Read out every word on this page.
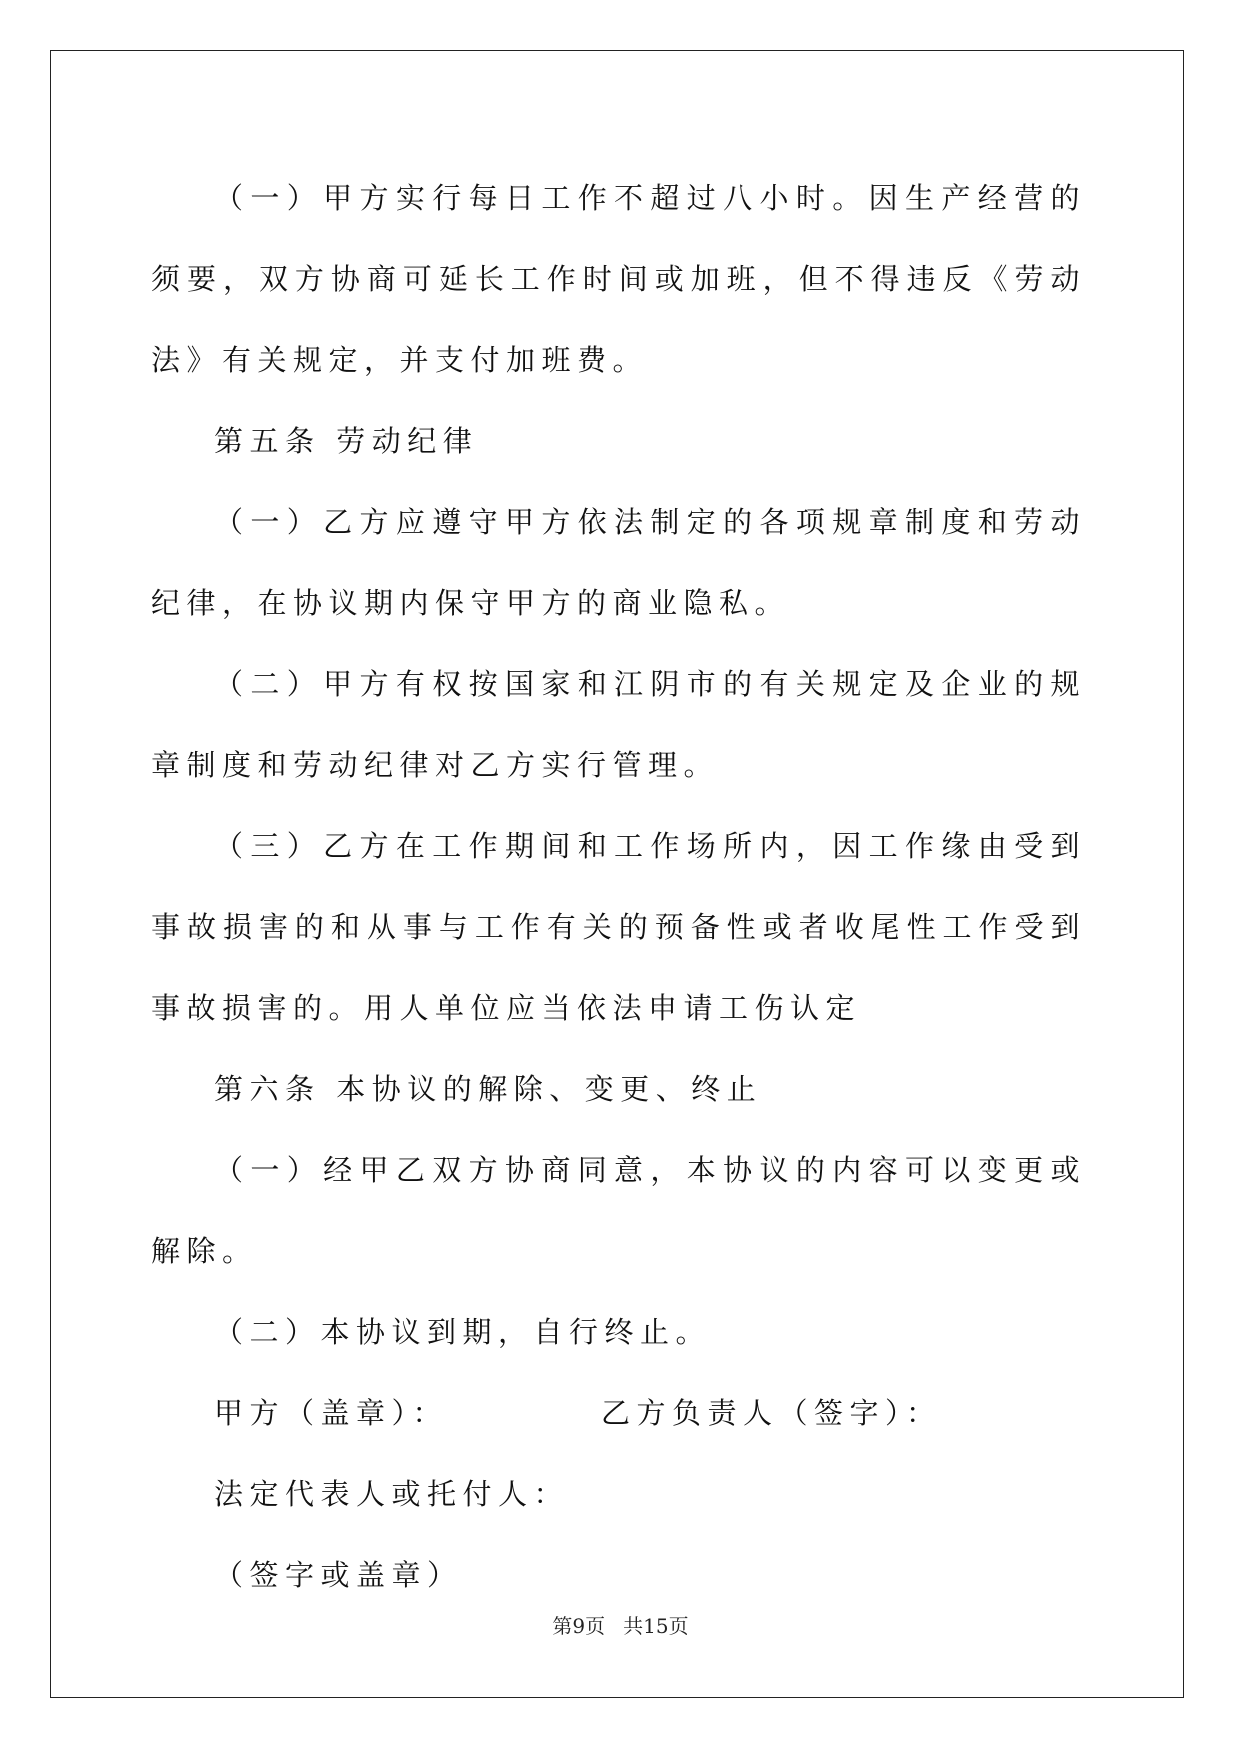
（一）甲方实行每日工作不超过八小时。因生产经营的须要，双方协商可延长工作时间或加班，但不得违反《劳动法》有关规定，并支付加班费。

第五条 劳动纪律

（一）乙方应遵守甲方依法制定的各项规章制度和劳动纪律，在协议期内保守甲方的商业隐私。

（二）甲方有权按国家和江阴市的有关规定及企业的规章制度和劳动纪律对乙方实行管理。

（三）乙方在工作期间和工作场所内，因工作缘由受到事故损害的和从事与工作有关的预备性或者收尾性工作受到事故损害的。用人单位应当依法申请工伤认定

第六条 本协议的解除、变更、终止

（一）经甲乙双方协商同意，本协议的内容可以变更或解除。

（二）本协议到期，自行终止。

甲方（盖章）：	乙方负责人（签字）：

法定代表人或托付人：

（签字或盖章）

第9页 共15页
